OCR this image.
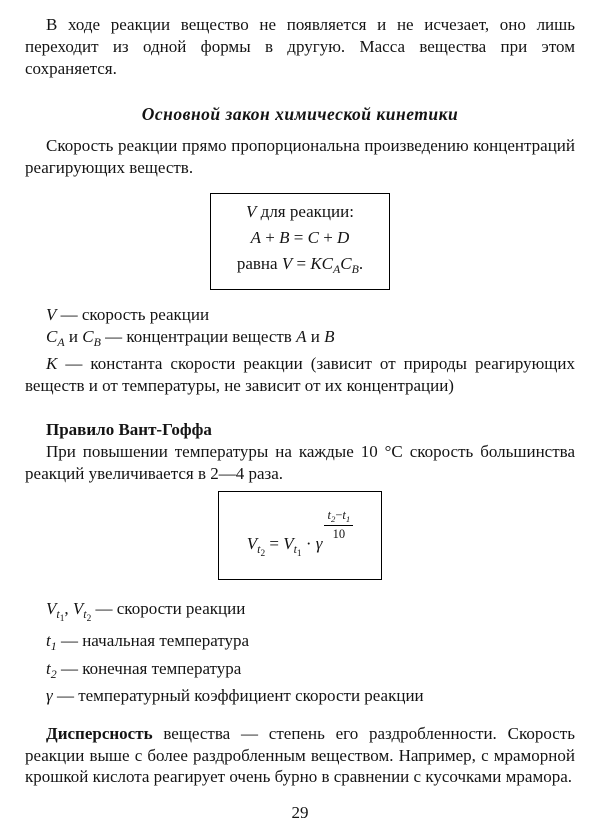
В ходе реакции вещество не появляется и не исчезает, оно лишь переходит из одной формы в другую. Масса вещества при этом сохраняется.

Основной закон химической кинетики

Скорость реакции прямо пропорциональна произведению концентраций реагирующих веществ.

V для реакции:
A + B = C + D
равна $V = KC_AC_B$.

V — скорость реакции

$C_A$ и $C_B$ — концентрации веществ A и B

K — константа скорости реакции (зависит от природы реагирующих веществ и от температуры, не зависит от их концентрации)

Правило Вант-Гоффа

При повышении температуры на каждые 10 °С скорость большинства реакций увеличивается в 2—4 раза.

$V_{t2} = V_{t1} \cdot \gamma$
$\frac{t_2-t_1}{10}$

$V_{t1}$, $V_{t2}$ — скорости реакции

$t_1$ — начальная температура

$t_2$ — конечная температура

γ — температурный коэффициент скорости реакции

Дисперсность вещества — степень его раздробленности. Скорость реакции выше с более раздробленным веществом. Например, с мраморной крошкой кислота реагирует очень бурно в сравнении с кусочками мрамора.

29
